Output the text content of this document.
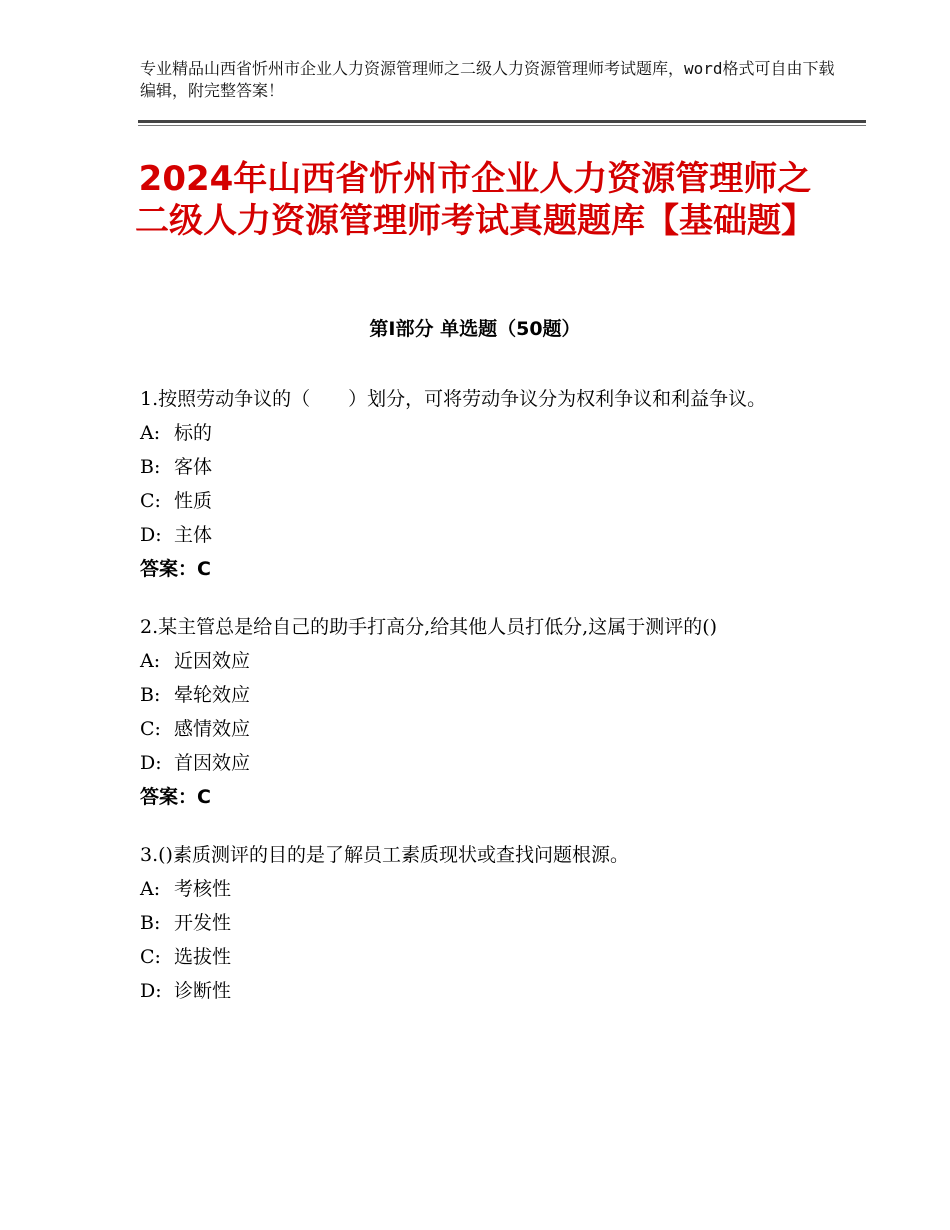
专业精品山西省忻州市企业人力资源管理师之二级人力资源管理师考试题库，word格式可自由下载编辑，附完整答案！
2024年山西省忻州市企业人力资源管理师之二级人力资源管理师考试真题题库【基础题】
第Ⅰ部分 单选题（50题）

1.按照劳动争议的（　　）划分，可将劳动争议分为权利争议和利益争议。

A: 标的

B: 客体

C: 性质

D: 主体

答案：C

2.某主管总是给自己的助手打高分,给其他人员打低分,这属于测评的()

A: 近因效应

B: 晕轮效应

C: 感情效应

D: 首因效应

答案：C

3.()素质测评的目的是了解员工素质现状或查找问题根源。

A: 考核性

B: 开发性

C: 选拔性

D: 诊断性
